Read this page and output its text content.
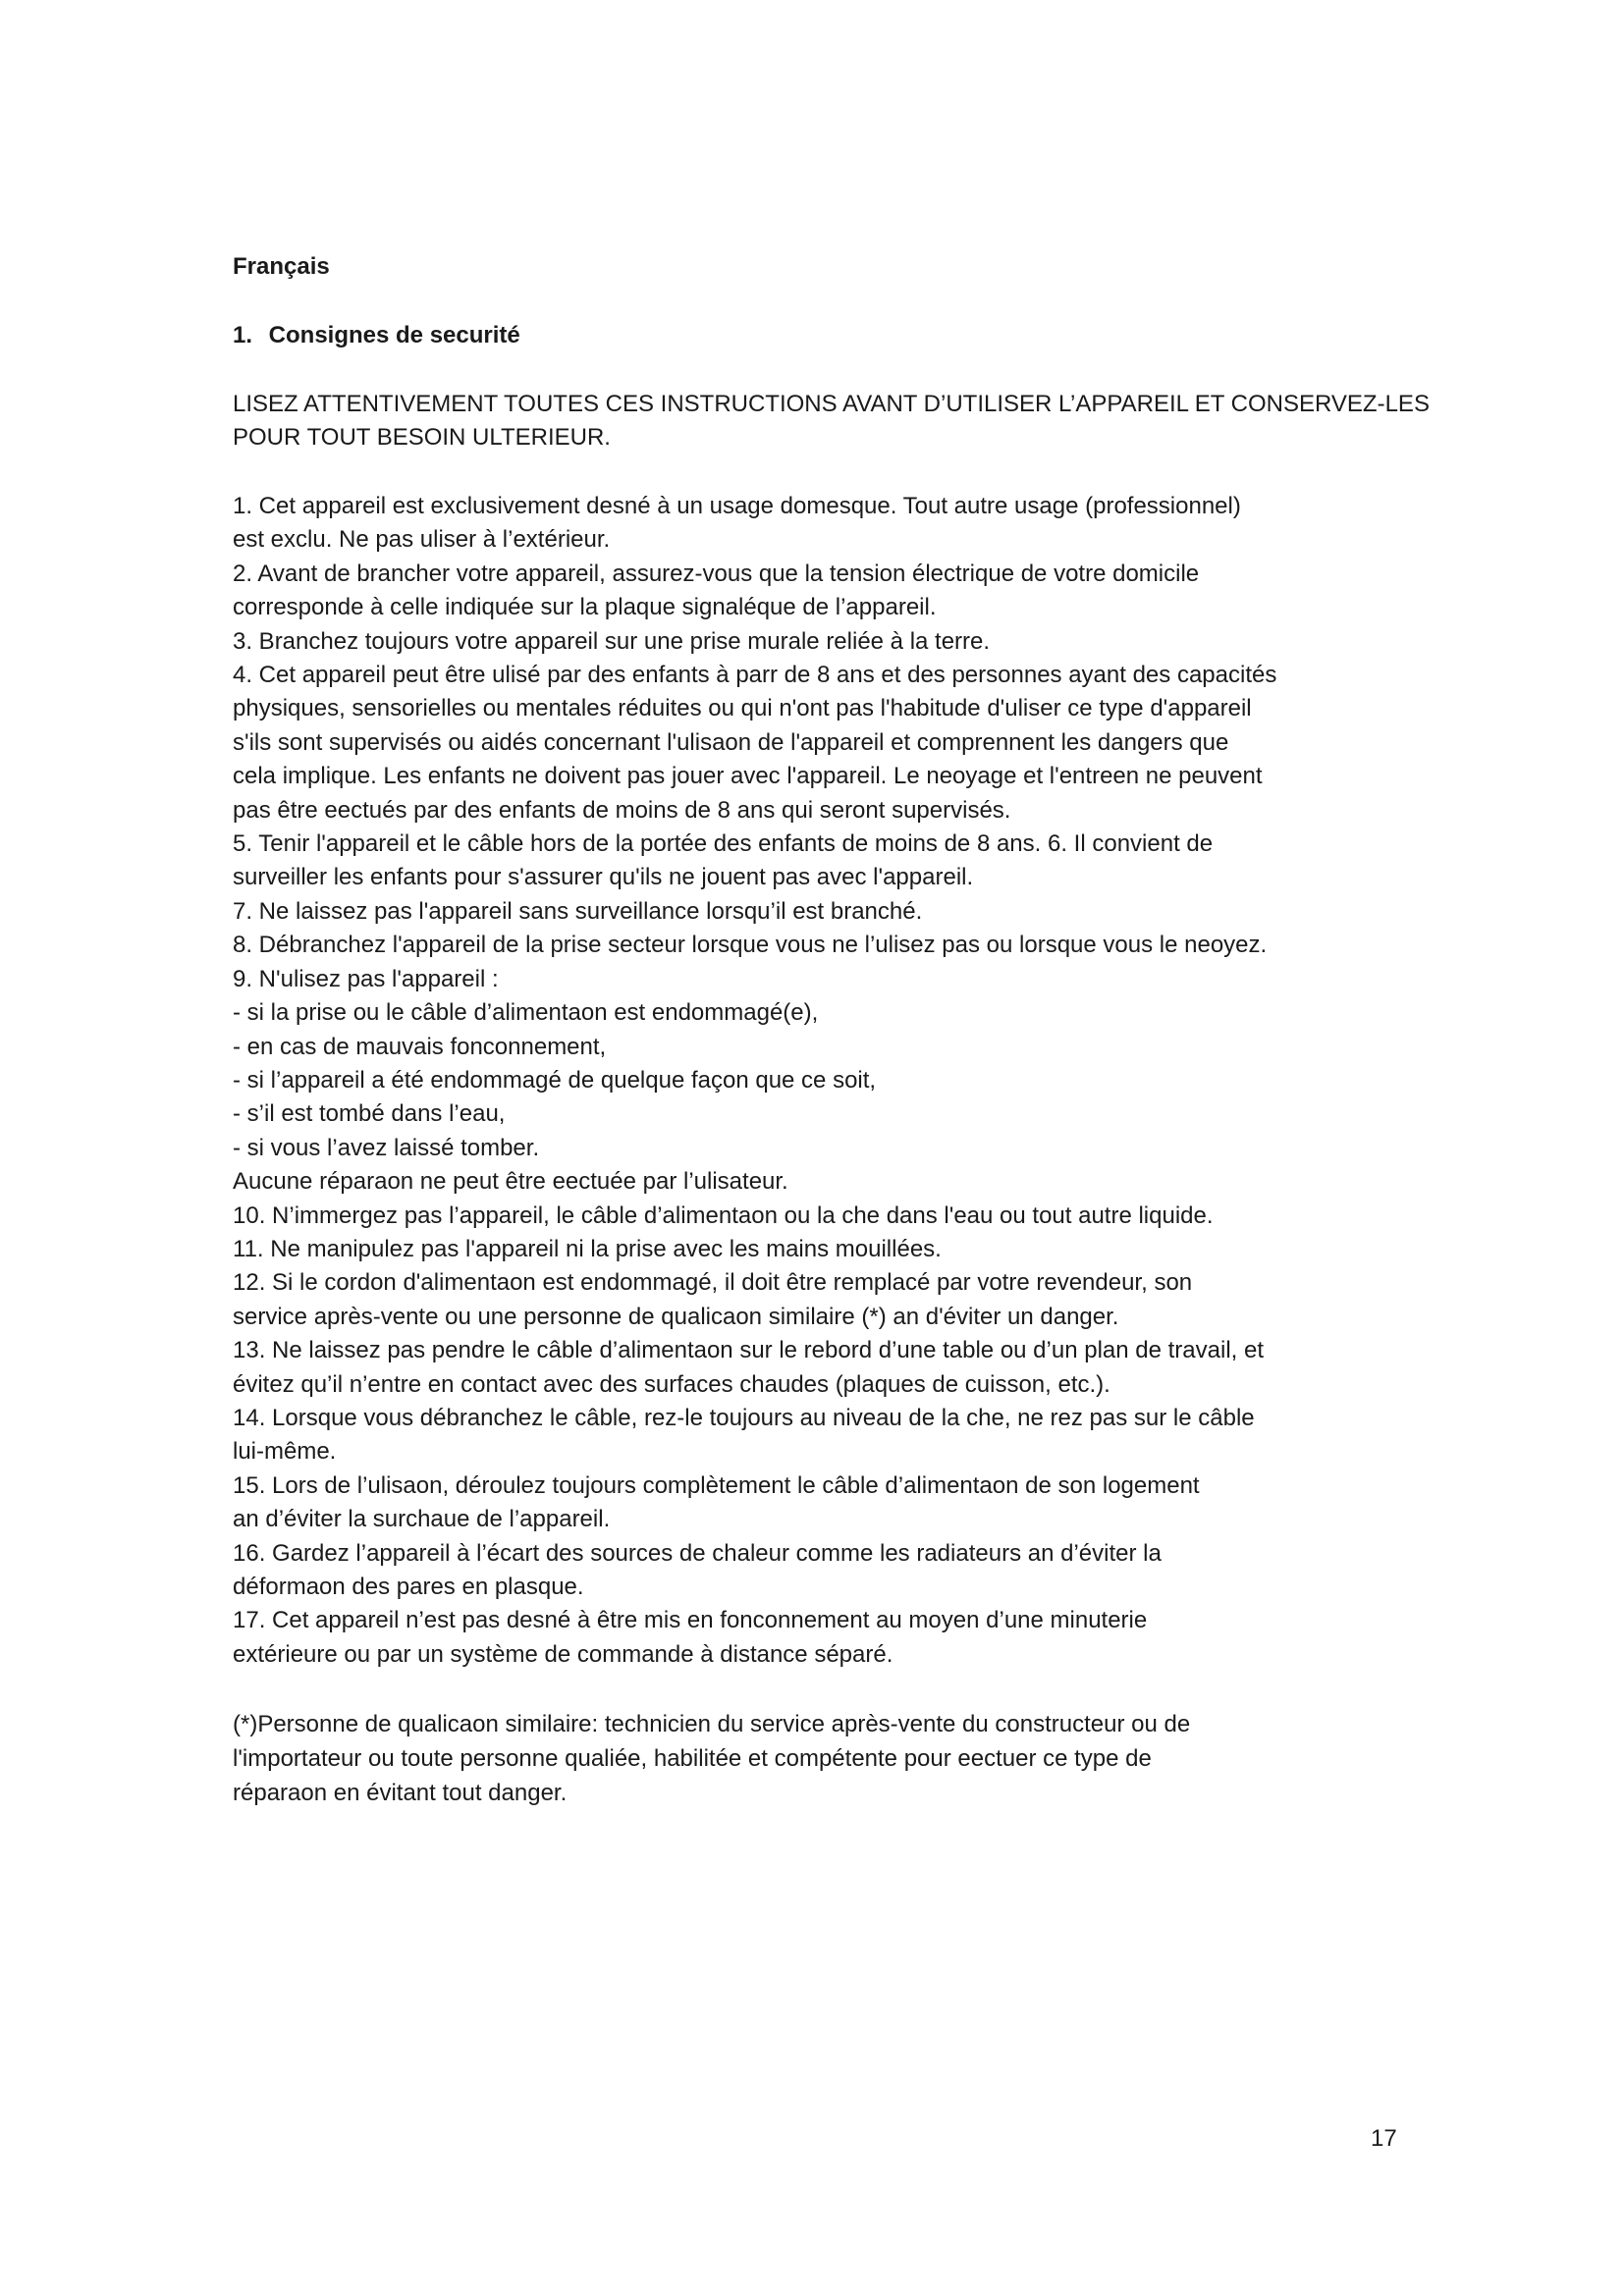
Français

1. Consignes de securité

LISEZ ATTENTIVEMENT TOUTES CES INSTRUCTIONS AVANT D’UTILISER L’APPAREIL ET CONSERVEZ-LES
POUR TOUT BESOIN ULTERIEUR.
1. Cet appareil est exclusivement desné à un usage domesque. Tout autre usage (professionnel)
est exclu. Ne pas uliser à l’extérieur.
2. Avant de brancher votre appareil, assurez-vous que la tension électrique de votre domicile
corresponde à celle indiquée sur la plaque signaléque de l’appareil.
3. Branchez toujours votre appareil sur une prise murale reliée à la terre.
4. Cet appareil peut être ulisé par des enfants à parr de 8 ans et des personnes ayant des capacités
physiques, sensorielles ou mentales réduites ou qui n'ont pas l'habitude d'uliser ce type d'appareil
s'ils sont supervisés ou aidés concernant l'ulisaon de l'appareil et comprennent les dangers que
cela implique. Les enfants ne doivent pas jouer avec l'appareil. Le neoyage et l'entreen ne peuvent
pas être eectués par des enfants de moins de 8 ans qui seront supervisés.
5. Tenir l'appareil et le câble hors de la portée des enfants de moins de 8 ans. 6. Il convient de
surveiller les enfants pour s'assurer qu'ils ne jouent pas avec l'appareil.
7. Ne laissez pas l'appareil sans surveillance lorsqu’il est branché.
8. Débranchez l'appareil de la prise secteur lorsque vous ne l’ulisez pas ou lorsque vous le neoyez.
9. N'ulisez pas l'appareil :
- si la prise ou le câble d’alimentaon est endommagé(e),
- en cas de mauvais fonconnement,
- si l’appareil a été endommagé de quelque façon que ce soit,
- s’il est tombé dans l’eau,
- si vous l’avez laissé tomber.
Aucune réparaon ne peut être eectuée par l’ulisateur.
10. N’immergez pas l’appareil, le câble d’alimentaon ou la che dans l'eau ou tout autre liquide.
11. Ne manipulez pas l'appareil ni la prise avec les mains mouillées.
12. Si le cordon d'alimentaon est endommagé, il doit être remplacé par votre revendeur, son
service après-vente ou une personne de qualicaon similaire (*) an d'éviter un danger.
13. Ne laissez pas pendre le câble d’alimentaon sur le rebord d’une table ou d’un plan de travail, et
évitez qu’il n’entre en contact avec des surfaces chaudes (plaques de cuisson, etc.).
14. Lorsque vous débranchez le câble, rez-le toujours au niveau de la che, ne rez pas sur le câble
lui-même.
15. Lors de l’ulisaon, déroulez toujours complètement le câble d’alimentaon de son logement
an d’éviter la surchaue de l’appareil.
16. Gardez l’appareil à l’écart des sources de chaleur comme les radiateurs an d’éviter la
déformaon des pares en plasque.
17. Cet appareil n’est pas desné à être mis en fonconnement au moyen d’une minuterie
extérieure ou par un système de commande à distance séparé.
(*)Personne de qualicaon similaire: technicien du service après-vente du constructeur ou de
l'importateur ou toute personne qualiée, habilitée et compétente pour eectuer ce type de
réparaon en évitant tout danger.
17
